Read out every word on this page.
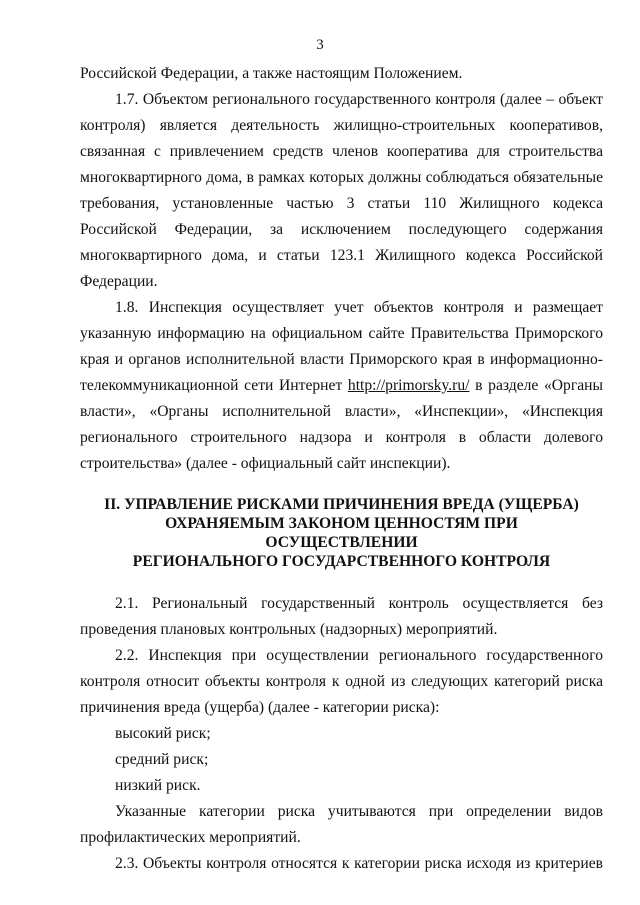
3

Российской Федерации, а также настоящим Положением.

1.7. Объектом регионального государственного контроля (далее – объект контроля) является деятельность жилищно-строительных кооперативов, связанная с привлечением средств членов кооператива для строительства многоквартирного дома, в рамках которых должны соблюдаться обязательные требования, установленные частью 3 статьи 110 Жилищного кодекса Российской Федерации, за исключением последующего содержания многоквартирного дома, и статьи 123.1 Жилищного кодекса Российской Федерации.

1.8. Инспекция осуществляет учет объектов контроля и размещает указанную информацию на официальном сайте Правительства Приморского края и органов исполнительной власти Приморского края в информационно-телекоммуникационной сети Интернет http://primorsky.ru/ в разделе «Органы власти», «Органы исполнительной власти», «Инспекции», «Инспекция регионального строительного надзора и контроля в области долевого строительства» (далее - официальный сайт инспекции).

II. УПРАВЛЕНИЕ РИСКАМИ ПРИЧИНЕНИЯ ВРЕДА (УЩЕРБА)
ОХРАНЯЕМЫМ ЗАКОНОМ ЦЕННОСТЯМ ПРИ ОСУЩЕСТВЛЕНИИ
РЕГИОНАЛЬНОГО ГОСУДАРСТВЕННОГО КОНТРОЛЯ

2.1. Региональный государственный контроль осуществляется без проведения плановых контрольных (надзорных) мероприятий.

2.2. Инспекция при осуществлении регионального государственного контроля относит объекты контроля к одной из следующих категорий риска причинения вреда (ущерба) (далее - категории риска):

высокий риск;

средний риск;

низкий риск.

Указанные категории риска учитываются при определении видов профилактических мероприятий.

2.3. Объекты контроля относятся к категории риска исходя из критериев
